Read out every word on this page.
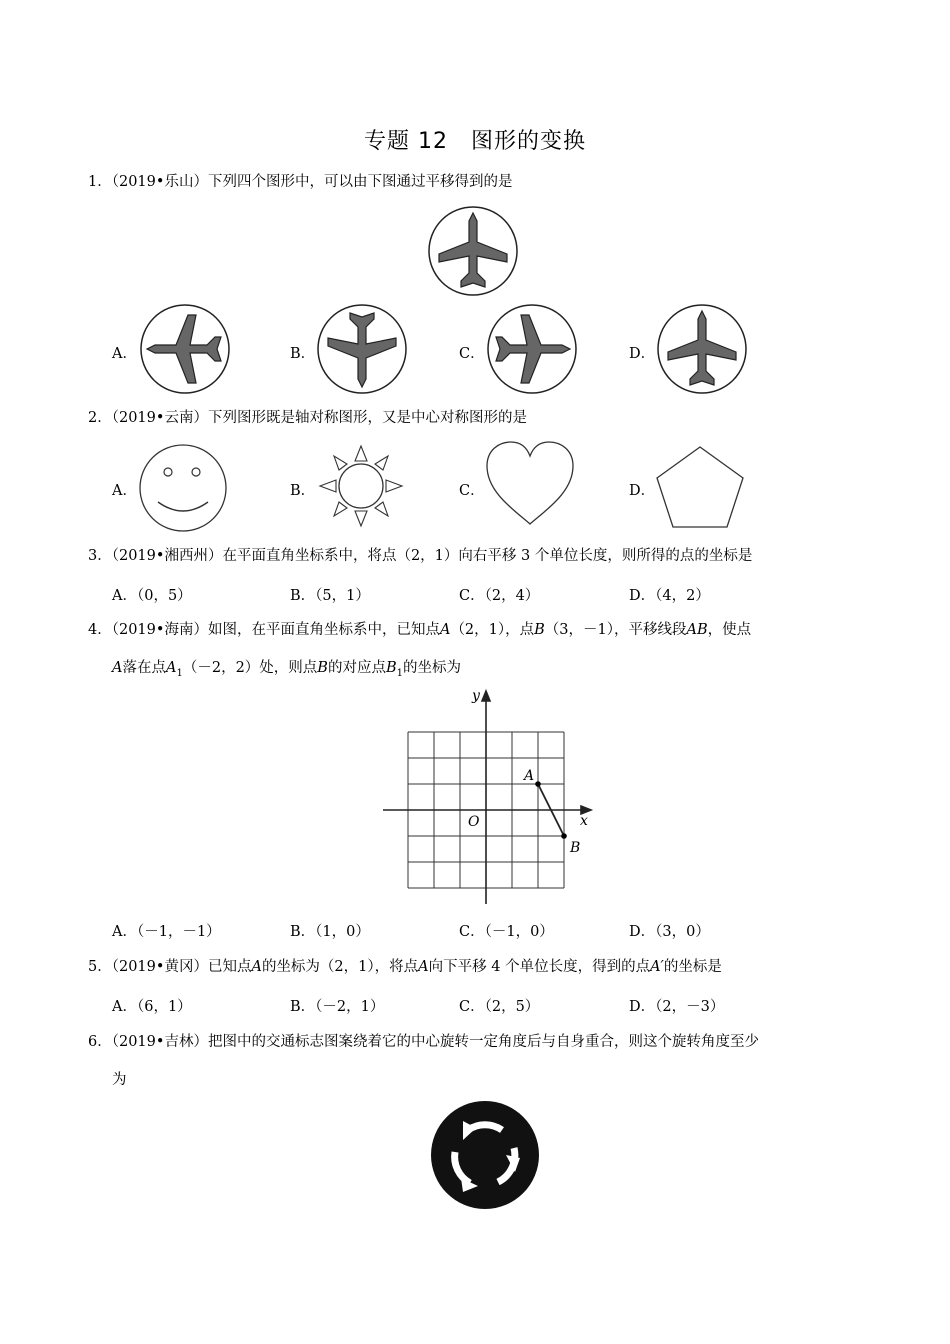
专题 12　图形的变换
1．（2019•乐山）下列四个图形中，可以由下图通过平移得到的是
A．	B．	C．	D．
2．（2019•云南）下列图形既是轴对称图形，又是中心对称图形的是
A．	B．	C．	D．
3．（2019•湘西州）在平面直角坐标系中，将点（2，1）向右平移 3 个单位长度，则所得的点的坐标是
A．（0，5）	B．（5，1）	C．（2，4）	D．（4，2）
4．（2019•海南）如图，在平面直角坐标系中，已知点A（2，1），点B（3，－1），平移线段AB，使点
A落在点$A_1(-2$，2）处，则点B的对应点$B_1$的坐标为
y
x
O
A
B
A．（－1，－1）	B．（1，0）	C．（－1，0）	D．（3，0）
5．（2019•黄冈）已知点A的坐标为（2，1），将点A向下平移 4 个单位长度，得到的点A′的坐标是
A．（6，1）	B．（－2，1）	C．（2，5）	D．（2，－3）
6．（2019•吉林）把图中的交通标志图案绕着它的中心旋转一定角度后与自身重合，则这个旋转角度至少
为
